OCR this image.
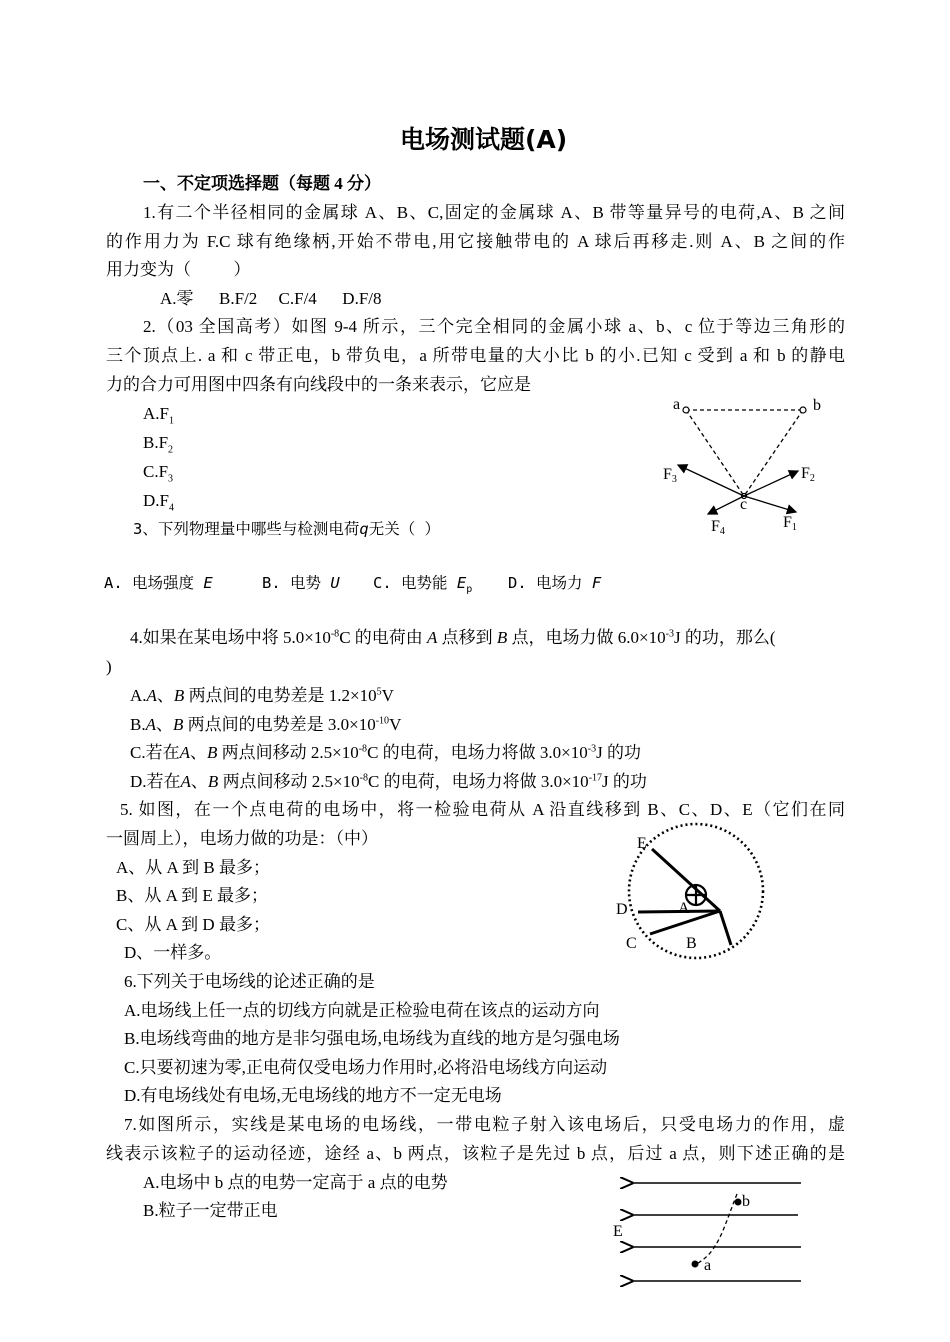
电场测试题(A)
一、不定项选择题（每题 4 分）
1.有二个半径相同的金属球 A、B、C,固定的金属球 A、B 带等量异号的电荷,A、B 之间
的作用力为 F.C 球有绝缘柄,开始不带电,用它接触带电的 A 球后再移走.则 A、B 之间的作
用力变为（          ）
A.零      B.F/2     C.F/4      D.F/8
2.（03 全国高考）如图 9-4 所示，三个完全相同的金属小球 a、b、c 位于等边三角形的
三个顶点上. a 和 c 带正电，b 带负电，a 所带电量的大小比 b 的小.已知 c 受到 a 和 b 的静电
力的合力可用图中四条有向线段中的一条来表示，它应是
$A.F_1$
$B.F_2$
$C.F_3$
$D.F_4$
a	b
c
F1
F2
F3
F4
3、下列物理量中哪些与检测电荷q无关（ ）
A. 电场强度 E	B. 电势 U C. 电势能 $E_p$ D. 电场力 F
4.如果在某电场中将 $5.0\times 10^{-8}C$ 的电荷由 A 点移到 B 点，电场力做 $6.0\times 10^{-3}J$ 的功，那么(
)
A.A、B 两点间的电势差是 $1.2\times 10^5V$
B.A、B 两点间的电势差是 $3.0\times 10^{-10}V$
C.若在A、B 两点间移动 $2.5\times 10^{-8}C$ 的电荷，电场力将做 $3.0\times 10^{-3}J$ 的功
D.若在A、B 两点间移动 $2.5\times 10^{-8}C$ 的电荷，电场力将做 $3.0\times 10^{-17}J$ 的功
5. 如图，在一个点电荷的电场中，将一检验电荷从 A 沿直线移到 B、C、D、E（它们在同
一圆周上），电场力做的功是：（中）
A、从 A 到 B 最多；
B、从 A 到 E 最多；
C、从 A 到 D 最多；
D、一样多。
E
D	A
C	B
6.下列关于电场线的论述正确的是
A.电场线上任一点的切线方向就是正检验电荷在该点的运动方向
B.电场线弯曲的地方是非匀强电场,电场线为直线的地方是匀强电场
C.只要初速为零,正电荷仅受电场力作用时,必将沿电场线方向运动
D.有电场线处有电场,无电场线的地方不一定无电场
7.如图所示，实线是某电场的电场线，一带电粒子射入该电场后，只受电场力的作用，虚
线表示该粒子的运动径迹，途经 a、b 两点，该粒子是先过 b 点，后过 a 点，则下述正确的是
A.电场中 b 点的电势一定高于 a 点的电势
B.粒子一定带正电	b
a
E
